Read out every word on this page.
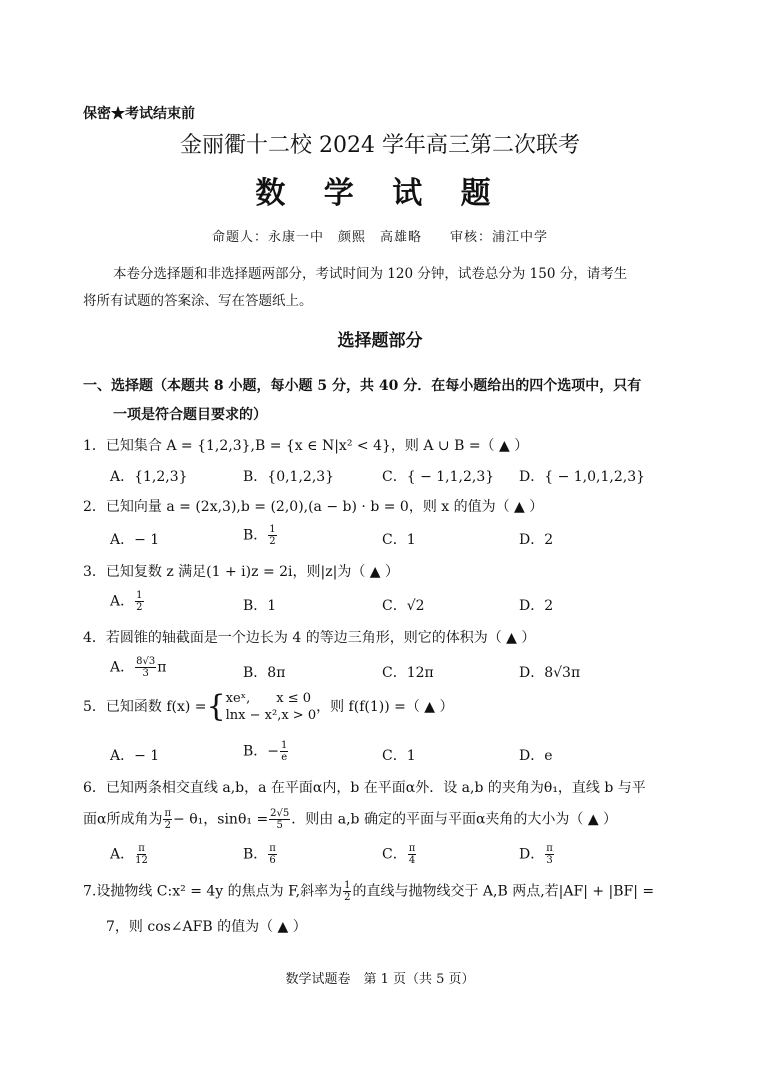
保密★考试结束前
金丽衢十二校 2024 学年高三第二次联考
数 学 试 题
命题人：永康一中　颜熙　高雄略　　审核：浦江中学
本卷分选择题和非选择题两部分，考试时间为 120 分钟，试卷总分为 150 分，请考生
将所有试题的答案涂、写在答题纸上。
选择题部分
一、选择题（本题共 8 小题，每小题 5 分，共 40 分．在每小题给出的四个选项中，只有
一项是符合题目要求的）
1．已知集合 A = {1,2,3},B = {x ∈ N|x² < 4}，则 A ∪ B =（ ▲ ）
A．{1,2,3}	B．{0,1,2,3}	C．{ − 1,1,2,3} D．{ − 1,0,1,2,3}
2．已知向量 a = (2x,3),b = (2,0),(a − b) · b = 0，则 x 的值为（ ▲ ）
A．− 1	B． $\frac{1}{2}$	C．1	D．2
3．已知复数 z 满足(1 + i)z = 2i，则|z|为（ ▲ ）
A． $\frac{1}{2}$	B．1	C．√2	D．2
4．若圆锥的轴截面是一个边长为 4 的等边三角形，则它的体积为（ ▲ ）
A． $\frac{8√3}{3}$ π	B．8π	C．12π	D．8√3π
5．已知函数 f(x) ={xeˣ,　　x ≤ 0
lnx − x²,x > 0，则 f(f(1)) =（ ▲ ）
A．− 1	B．− $\frac{1}{e}$	C．1	D．e
6．已知两条相交直线 a,b，a 在平面α内，b 在平面α外．设 a,b 的夹角为θ₁，直线 b 与平
面α所成角为 $\frac{\pi}{2} - \theta_1$，$\sin\theta_1 = \frac{2√5}{5}$ ．则由 a,b 确定的平面与平面α夹角的大小为（ ▲ ）
A． $\frac{\pi}{12}$	B． $\frac{\pi}{6}$	C． $\frac{\pi}{4}$	D． $\frac{\pi}{3}$
7.设抛物线 C:x² = 4y 的焦点为 F,斜率为 $\frac{1}{2}$ 的直线与抛物线交于 A,B 两点,若|AF| + |BF| =
7，则 cos∠AFB 的值为（ ▲ ）
数学试题卷　第 1 页（共 5 页）
